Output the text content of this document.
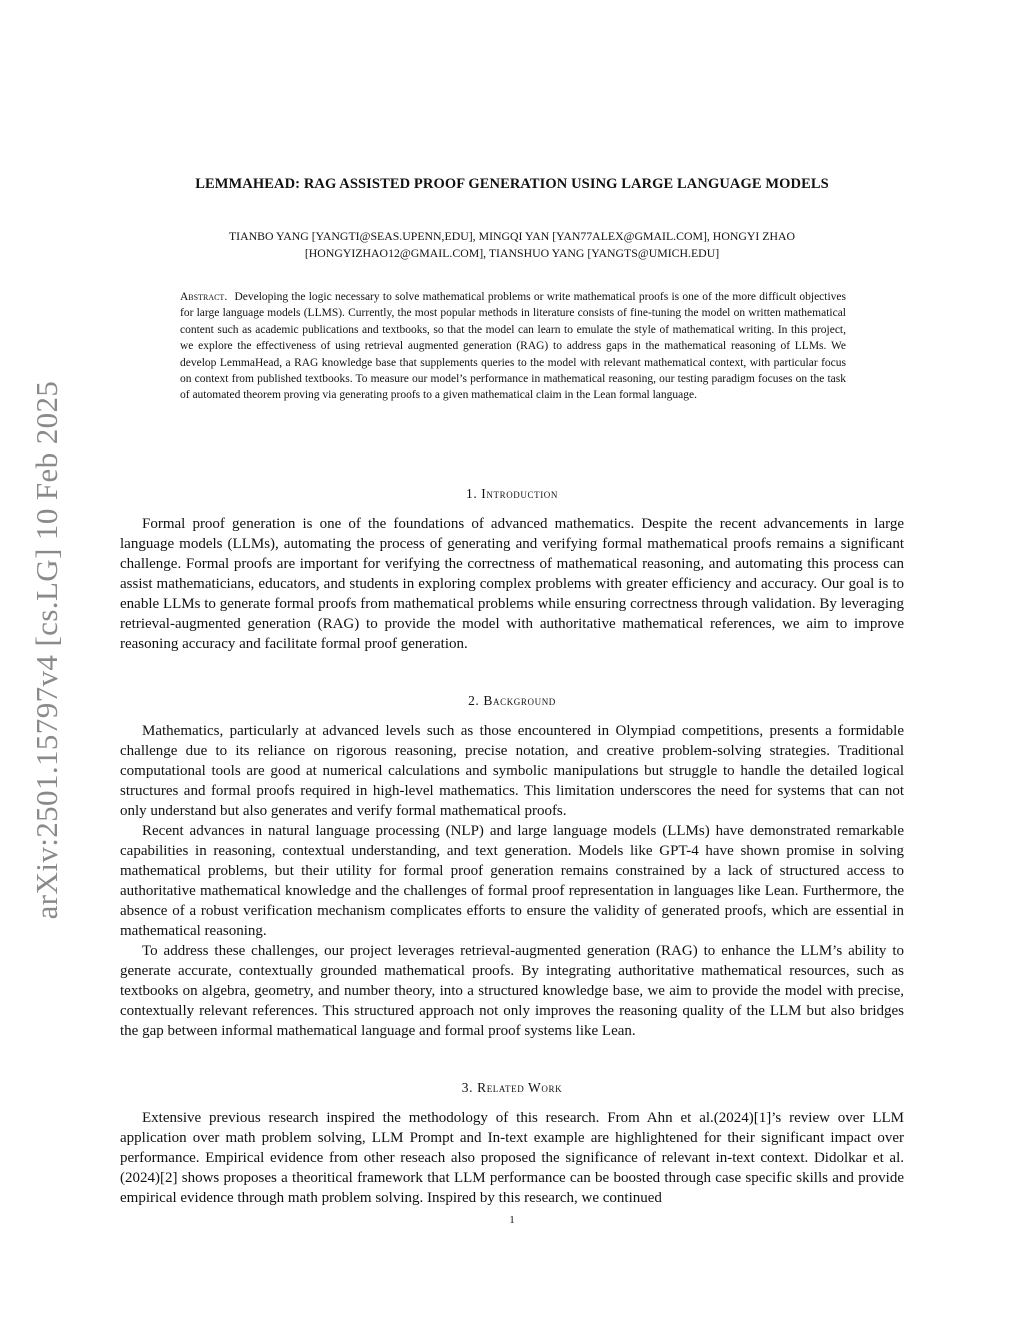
arXiv:2501.15797v4 [cs.LG] 10 Feb 2025
LEMMAHEAD: RAG ASSISTED PROOF GENERATION USING LARGE LANGUAGE MODELS
TIANBO YANG [YANGTI@SEAS.UPENN,EDU], MINGQI YAN [YAN77ALEX@GMAIL.COM], HONGYI ZHAO
[HONGYIZHAO12@GMAIL.COM], TIANSHUO YANG [YANGTS@UMICH.EDU]
Abstract. Developing the logic necessary to solve mathematical problems or write mathematical proofs is one of the more difficult objectives for large language models (LLMS). Currently, the most popular methods in literature consists of fine-tuning the model on written mathematical content such as academic publications and textbooks, so that the model can learn to emulate the style of mathematical writing. In this project, we explore the effectiveness of using retrieval augmented generation (RAG) to address gaps in the mathematical reasoning of LLMs. We develop LemmaHead, a RAG knowledge base that supplements queries to the model with relevant mathematical context, with particular focus on context from published textbooks. To measure our model’s performance in mathematical reasoning, our testing paradigm focuses on the task of automated theorem proving via generating proofs to a given mathematical claim in the Lean formal language.
1. Introduction

Formal proof generation is one of the foundations of advanced mathematics. Despite the recent advancements in large language models (LLMs), automating the process of generating and verifying formal mathematical proofs remains a significant challenge. Formal proofs are important for verifying the correctness of mathematical reasoning, and automating this process can assist mathematicians, educators, and students in exploring complex problems with greater efficiency and accuracy. Our goal is to enable LLMs to generate formal proofs from mathematical problems while ensuring correctness through validation. By leveraging retrieval-augmented generation (RAG) to provide the model with authoritative mathematical references, we aim to improve reasoning accuracy and facilitate formal proof generation.

2. Background

Mathematics, particularly at advanced levels such as those encountered in Olympiad competitions, presents a formidable challenge due to its reliance on rigorous reasoning, precise notation, and creative problem-solving strategies. Traditional computational tools are good at numerical calculations and symbolic manipulations but struggle to handle the detailed logical structures and formal proofs required in high-level mathematics. This limitation underscores the need for systems that can not only understand but also generates and verify formal mathematical proofs.

Recent advances in natural language processing (NLP) and large language models (LLMs) have demonstrated remarkable capabilities in reasoning, contextual understanding, and text generation. Models like GPT-4 have shown promise in solving mathematical problems, but their utility for formal proof generation remains constrained by a lack of structured access to authoritative mathematical knowledge and the challenges of formal proof representation in languages like Lean. Furthermore, the absence of a robust verification mechanism complicates efforts to ensure the validity of generated proofs, which are essential in mathematical reasoning.

To address these challenges, our project leverages retrieval-augmented generation (RAG) to enhance the LLM’s ability to generate accurate, contextually grounded mathematical proofs. By integrating authoritative mathematical resources, such as textbooks on algebra, geometry, and number theory, into a structured knowledge base, we aim to provide the model with precise, contextually relevant references. This structured approach not only improves the reasoning quality of the LLM but also bridges the gap between informal mathematical language and formal proof systems like Lean.

3. Related Work

Extensive previous research inspired the methodology of this research. From Ahn et al.(2024)[1]’s review over LLM application over math problem solving, LLM Prompt and In-text example are highlightened for their significant impact over performance. Empirical evidence from other reseach also proposed the significance of relevant in-text context. Didolkar et al.(2024)[2] shows proposes a theoritical framework that LLM performance can be boosted through case specific skills and provide empirical evidence through math problem solving. Inspired by this research, we continued

1
